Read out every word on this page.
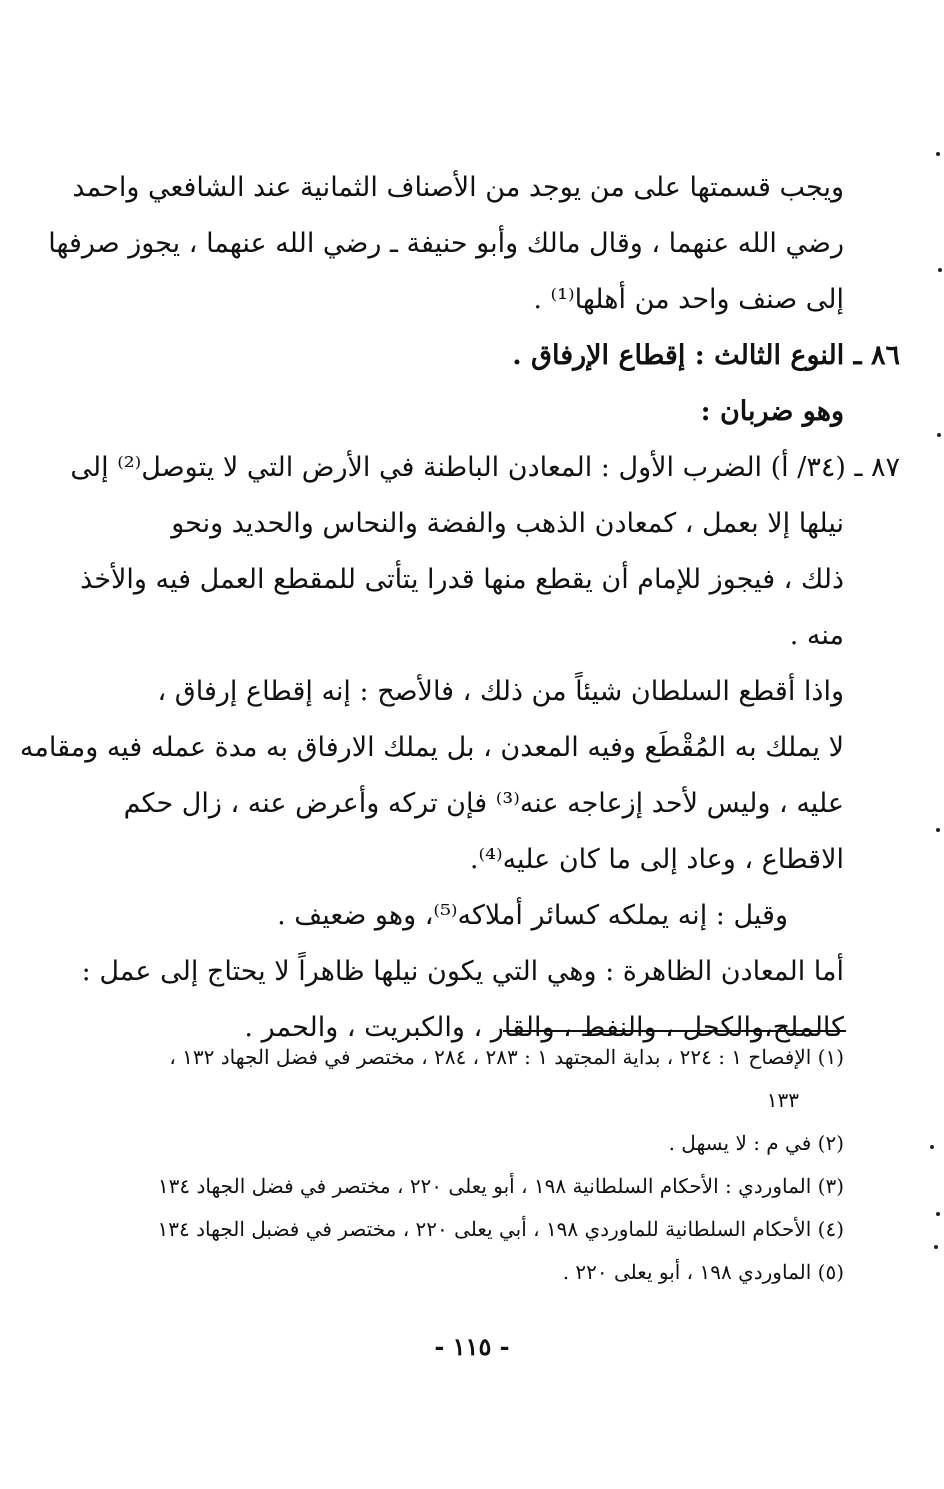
ويجب قسمتها على من يوجد من الأصناف الثمانية عند الشافعي واحمد
رضي الله عنهما ، وقال مالك وأبو حنيفة ـ رضي الله عنهما ، يجوز صرفها
إلى صنف واحد من أهلها⁽¹⁾ .
٨٦ ـ النوع الثالث : إقطاع الإرفاق .
وهو ضربان :
٨٧ ـ (٣٤/ أ) الضرب الأول : المعادن الباطنة في الأرض التي لا يتوصل⁽²⁾ إلى
نيلها إلا بعمل ، كمعادن الذهب والفضة والنحاس والحديد ونحو
ذلك ، فيجوز للإمام أن يقطع منها قدرا يتأتى للمقطع العمل فيه والأخذ
منه .
واذا أقطع السلطان شيئاً من ذلك ، فالأصح : إنه إقطاع إرفاق ،
لا يملك به المُقْطَع وفيه المعدن ، بل يملك الارفاق به مدة عمله فيه ومقامه
عليه ، وليس لأحد إزعاجه عنه⁽³⁾ فإن تركه وأعرض عنه ، زال حكم
الاقطاع ، وعاد إلى ما كان عليه⁽⁴⁾.
وقيل : إنه يملكه كسائر أملاكه⁽⁵⁾، وهو ضعيف .
أما المعادن الظاهرة : وهي التي يكون نيلها ظاهراً لا يحتاج إلى عمل :
كالملح،والكحل ، والنفط ، والقار ، والكبريت ، والحمر .
(١) الإفصاح ١ : ٢٢٤ ، بداية المجتهد ١ : ٢٨٣ ، ٢٨٤ ، مختصر في فضل الجهاد ١٣٢ ،
١٣٣
(٢) في م : لا يسهل .
(٣) الماوردي : الأحكام السلطانية ١٩٨ ، أبو يعلى ٢٢٠ ، مختصر في فضل الجهاد ١٣٤
(٤) الأحكام السلطانية للماوردي ١٩٨ ، أبي يعلى ٢٢٠ ، مختصر في فضبل الجهاد ١٣٤
(٥) الماوردي ١٩٨ ، أبو يعلى ٢٢٠ .
- ١١٥ -
